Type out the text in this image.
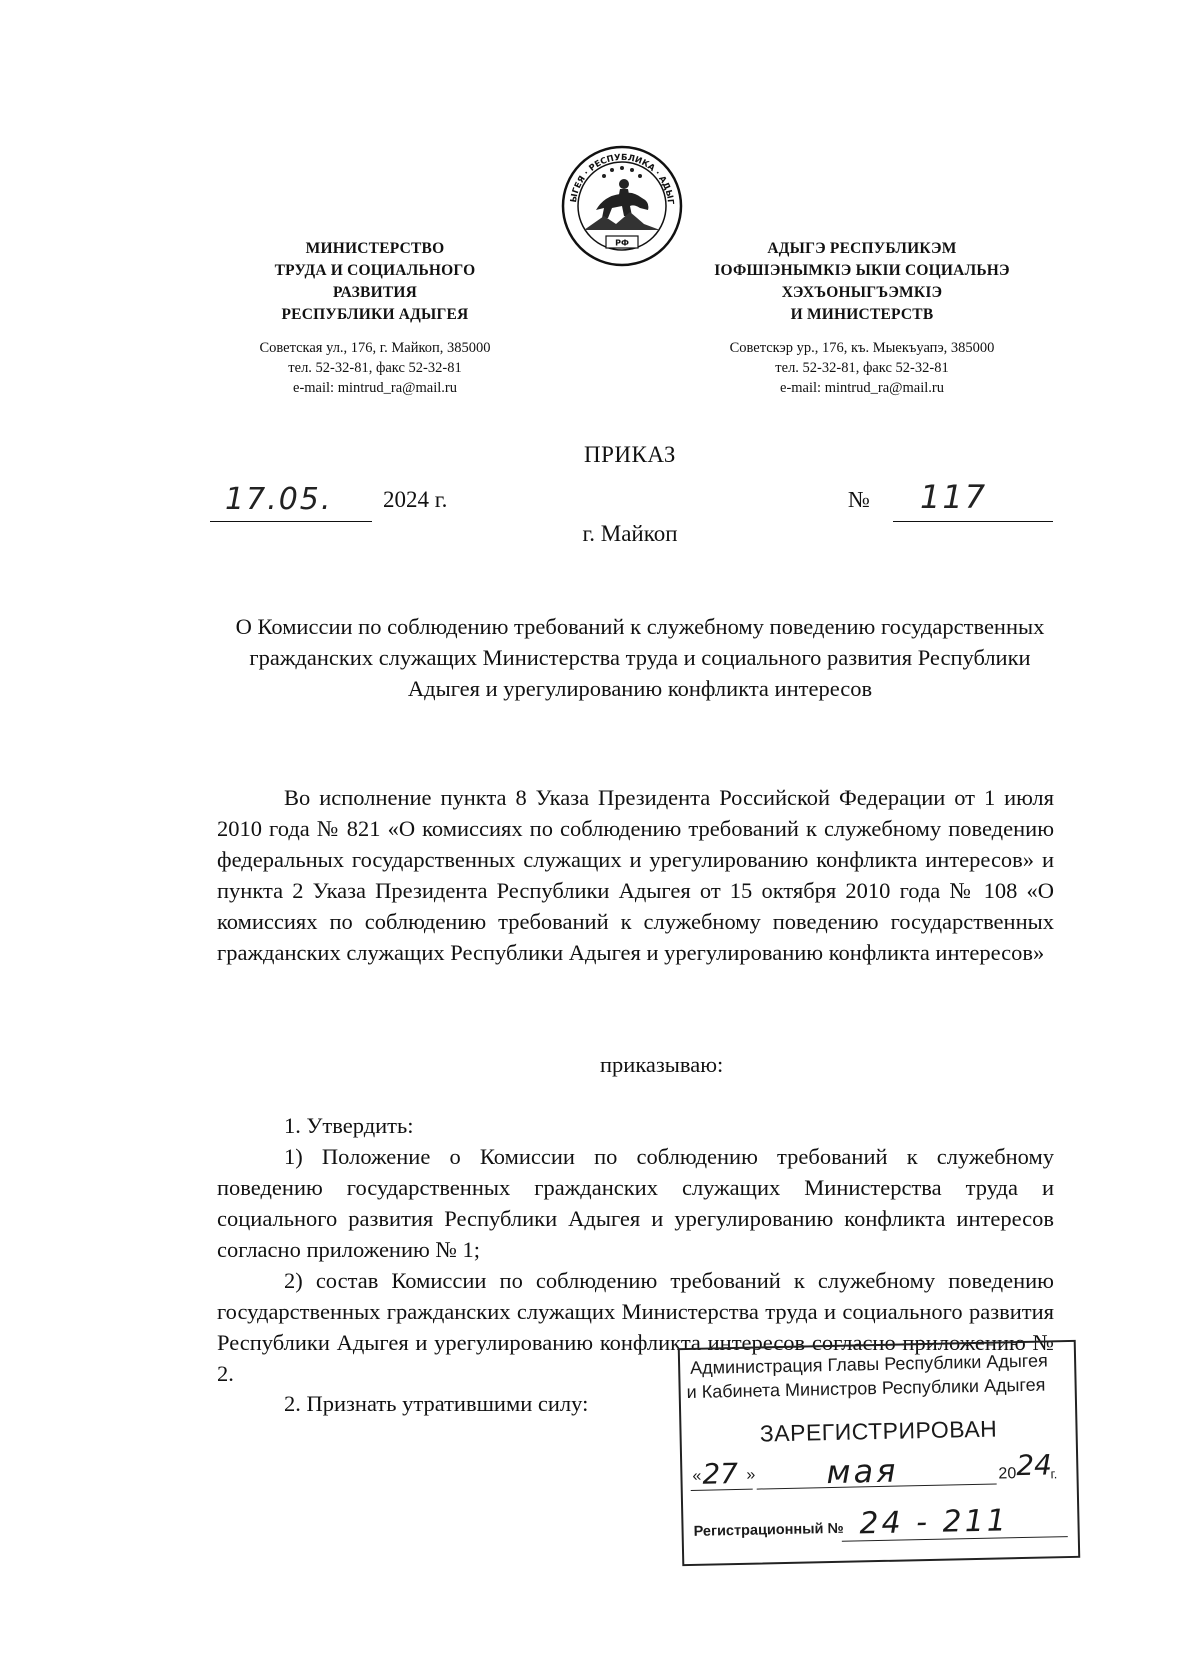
МИНИСТЕРСТВО
ТРУДА И СОЦИАЛЬНОГО
РАЗВИТИЯ
РЕСПУБЛИКИ АДЫГЕЯ
Советская ул., 176, г. Майкоп, 385000
тел. 52-32-81, факс 52-32-81
e-mail: mintrud_ra@mail.ru
ЫГЕЯ · РЕСПУБЛИКА · АДЫГ
РФ	АДЫГЭ РЕСПУБЛИКЭМ
IОФШIЭНЫМКIЭ ЫКIИ СОЦИАЛЬНЭ
ХЭХЪОНЫГЪЭМКIЭ
И МИНИСТЕРСТВ
Советскэр ур., 176, къ. Мыекъуапэ, 385000
тел. 52-32-81, факс 52-32-81
e-mail: mintrud_ra@mail.ru
ПРИКАЗ
17.05. 2024 г.	№ 117
г. Майкоп
О Комиссии по соблюдению требований к служебному поведению государственных гражданских служащих Министерства труда и социального развития Республики Адыгея и урегулированию конфликта интересов

Во исполнение пункта 8 Указа Президента Российской Федерации от 1 июля 2010 года № 821 «О комиссиях по соблюдению требований к служебному поведению федеральных государственных служащих и урегулированию конфликта интересов» и пункта 2 Указа Президента Республики Адыгея от 15 октября 2010 года № 108 «О комиссиях по соблюдению требований к служебному поведению государственных гражданских служащих Республики Адыгея и урегулированию конфликта интересов»

приказываю:

1. Утвердить:

1) Положение о Комиссии по соблюдению требований к служебному поведению государственных гражданских служащих Министерства труда и социального развития Республики Адыгея и урегулированию конфликта интересов согласно приложению № 1;

2) состав Комиссии по соблюдению требований к служебному поведению государственных гражданских служащих Министерства труда и социального развития Республики Адыгея и урегулированию конфликта интересов согласно приложению № 2.

2. Признать утратившими силу:
Администрация Главы Республики Адыгея
и Кабинета Министров Республики Адыгея
ЗАРЕГИСТРИРОВАН
« 27 » мая	20 24
г.
Регистрационный № 24 - 211
